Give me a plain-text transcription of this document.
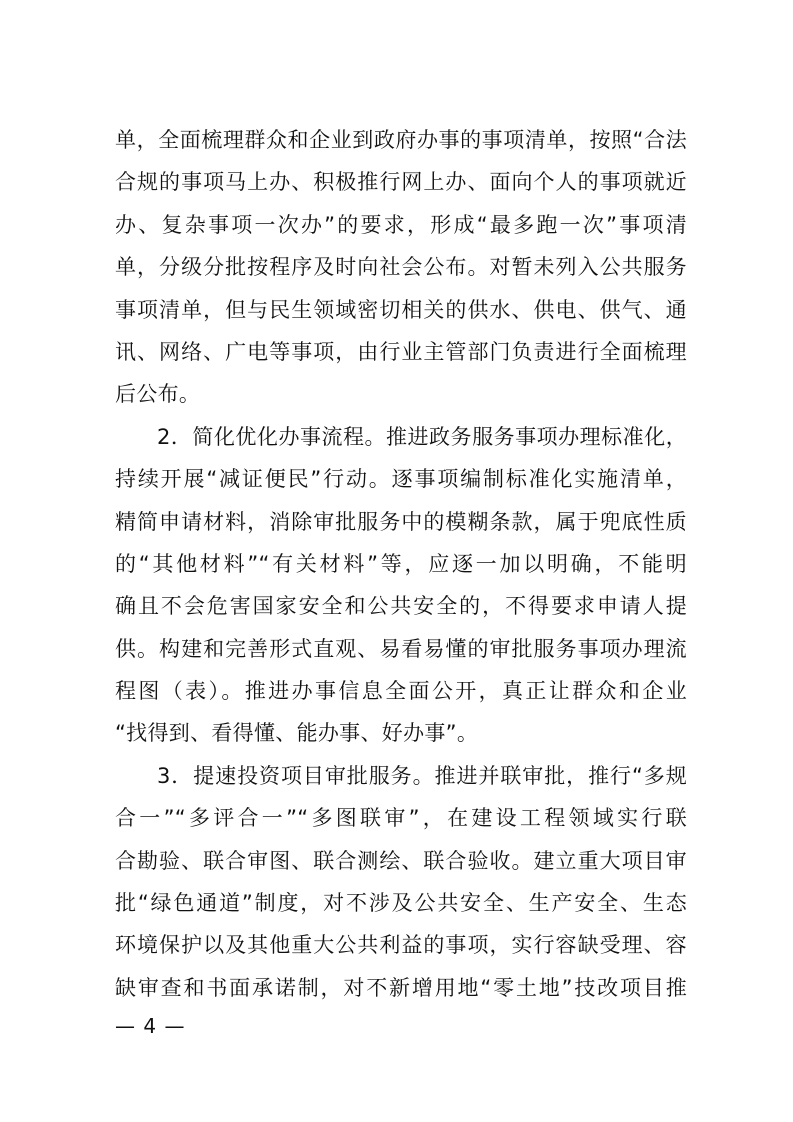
单，全面梳理群众和企业到政府办事的事项清单，按照“合法
合规的事项马上办、积极推行网上办、面向个人的事项就近
办、复杂事项一次办”的要求，形成“最多跑一次”事项清
单，分级分批按程序及时向社会公布。对暂未列入公共服务
事项清单，但与民生领域密切相关的供水、供电、供气、通
讯、网络、广电等事项，由行业主管部门负责进行全面梳理
后公布。
2．简化优化办事流程。推进政务服务事项办理标准化，
持续开展“减证便民”行动。逐事项编制标准化实施清单，
精简申请材料，消除审批服务中的模糊条款，属于兜底性质
的“其他材料”“有关材料”等，应逐一加以明确，不能明
确且不会危害国家安全和公共安全的，不得要求申请人提
供。构建和完善形式直观、易看易懂的审批服务事项办理流
程图（表）。推进办事信息全面公开，真正让群众和企业
“找得到、看得懂、能办事、好办事”。
3．提速投资项目审批服务。推进并联审批，推行“多规
合一”“多评合一”“多图联审”，在建设工程领域实行联
合勘验、联合审图、联合测绘、联合验收。建立重大项目审
批“绿色通道”制度，对不涉及公共安全、生产安全、生态
环境保护以及其他重大公共利益的事项，实行容缺受理、容
缺审查和书面承诺制，对不新增用地“零土地”技改项目推
— 4 —
